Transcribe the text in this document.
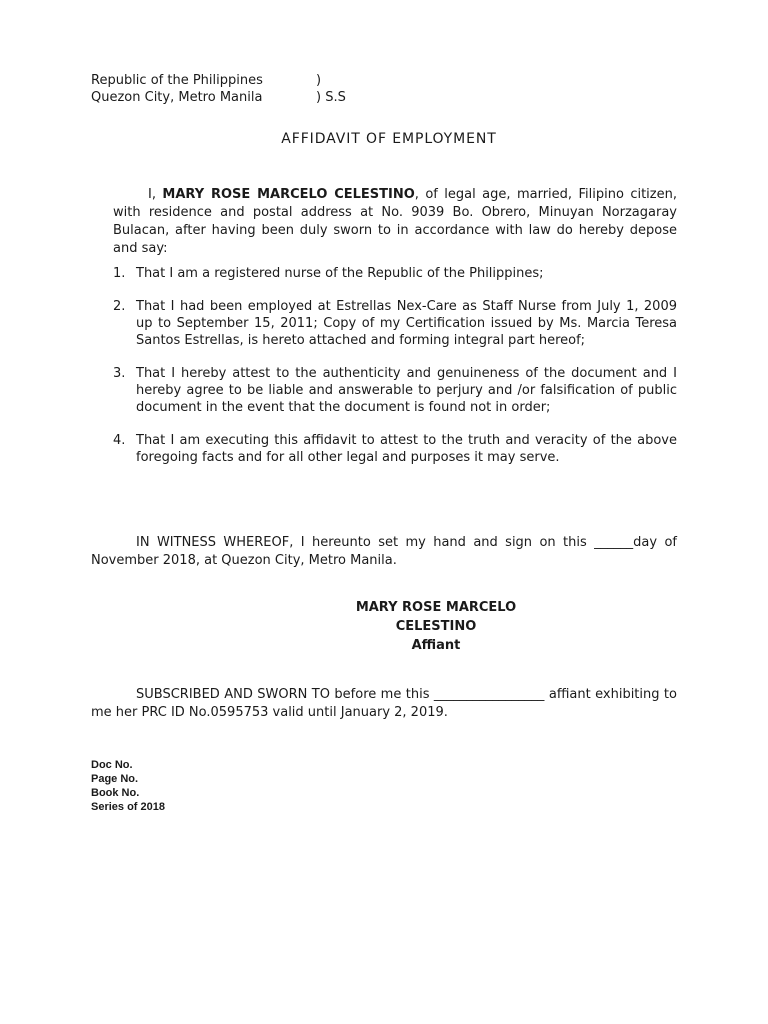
Republic of the Philippines	)
Quezon City, Metro Manila	) S.S
AFFIDAVIT OF EMPLOYMENT

I, MARY ROSE MARCELO CELESTINO, of legal age, married, Filipino citizen, with residence and postal address at No. 9039 Bo. Obrero, Minuyan Norzagaray Bulacan, after having been duly sworn to in accordance with law do hereby depose and say:

1. That I am a registered nurse of the Republic of the Philippines;
2. That I had been employed at Estrellas Nex-Care as Staff Nurse from July 1, 2009 up to September 15, 2011; Copy of my Certification issued by Ms. Marcia Teresa Santos Estrellas, is hereto attached and forming integral part hereof;
3. That I hereby attest to the authenticity and genuineness of the document and I hereby agree to be liable and answerable to perjury and /or falsification of public document in the event that the document is found not in order;
4. That I am executing this affidavit to attest to the truth and veracity of the above foregoing facts and for all other legal and purposes it may serve.

IN WITNESS WHEREOF, I hereunto set my hand and sign on this ______day of November 2018, at Quezon City, Metro Manila.

MARY ROSE MARCELO CELESTINO
Affiant

SUBSCRIBED AND SWORN TO before me this _________________ affiant exhibiting to me her PRC ID No.0595753 valid until January 2, 2019.

Doc No.
Page No.
Book No.
Series of 2018
